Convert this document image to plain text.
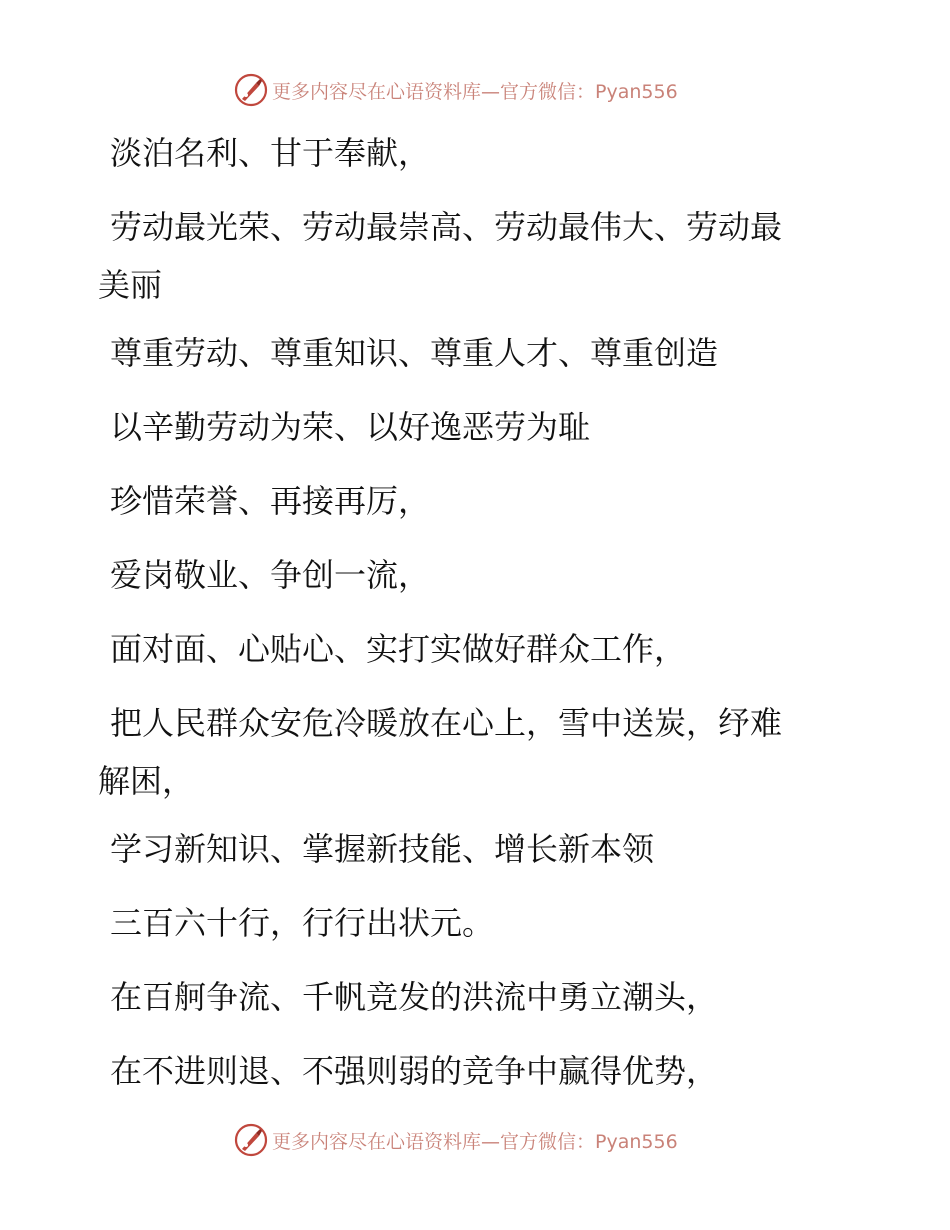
更多内容尽在心语资料库—官方微信：Pyan556
淡泊名利、甘于奉献，
劳动最光荣、劳动最崇高、劳动最伟大、劳动最
美丽
尊重劳动、尊重知识、尊重人才、尊重创造
以辛勤劳动为荣、以好逸恶劳为耻
珍惜荣誉、再接再厉，
爱岗敬业、争创一流，
面对面、心贴心、实打实做好群众工作，
把人民群众安危冷暖放在心上，雪中送炭，纾难
解困，
学习新知识、掌握新技能、增长新本领
三百六十行，行行出状元。
在百舸争流、千帆竞发的洪流中勇立潮头，
在不进则退、不强则弱的竞争中赢得优势，
更多内容尽在心语资料库—官方微信：Pyan556
